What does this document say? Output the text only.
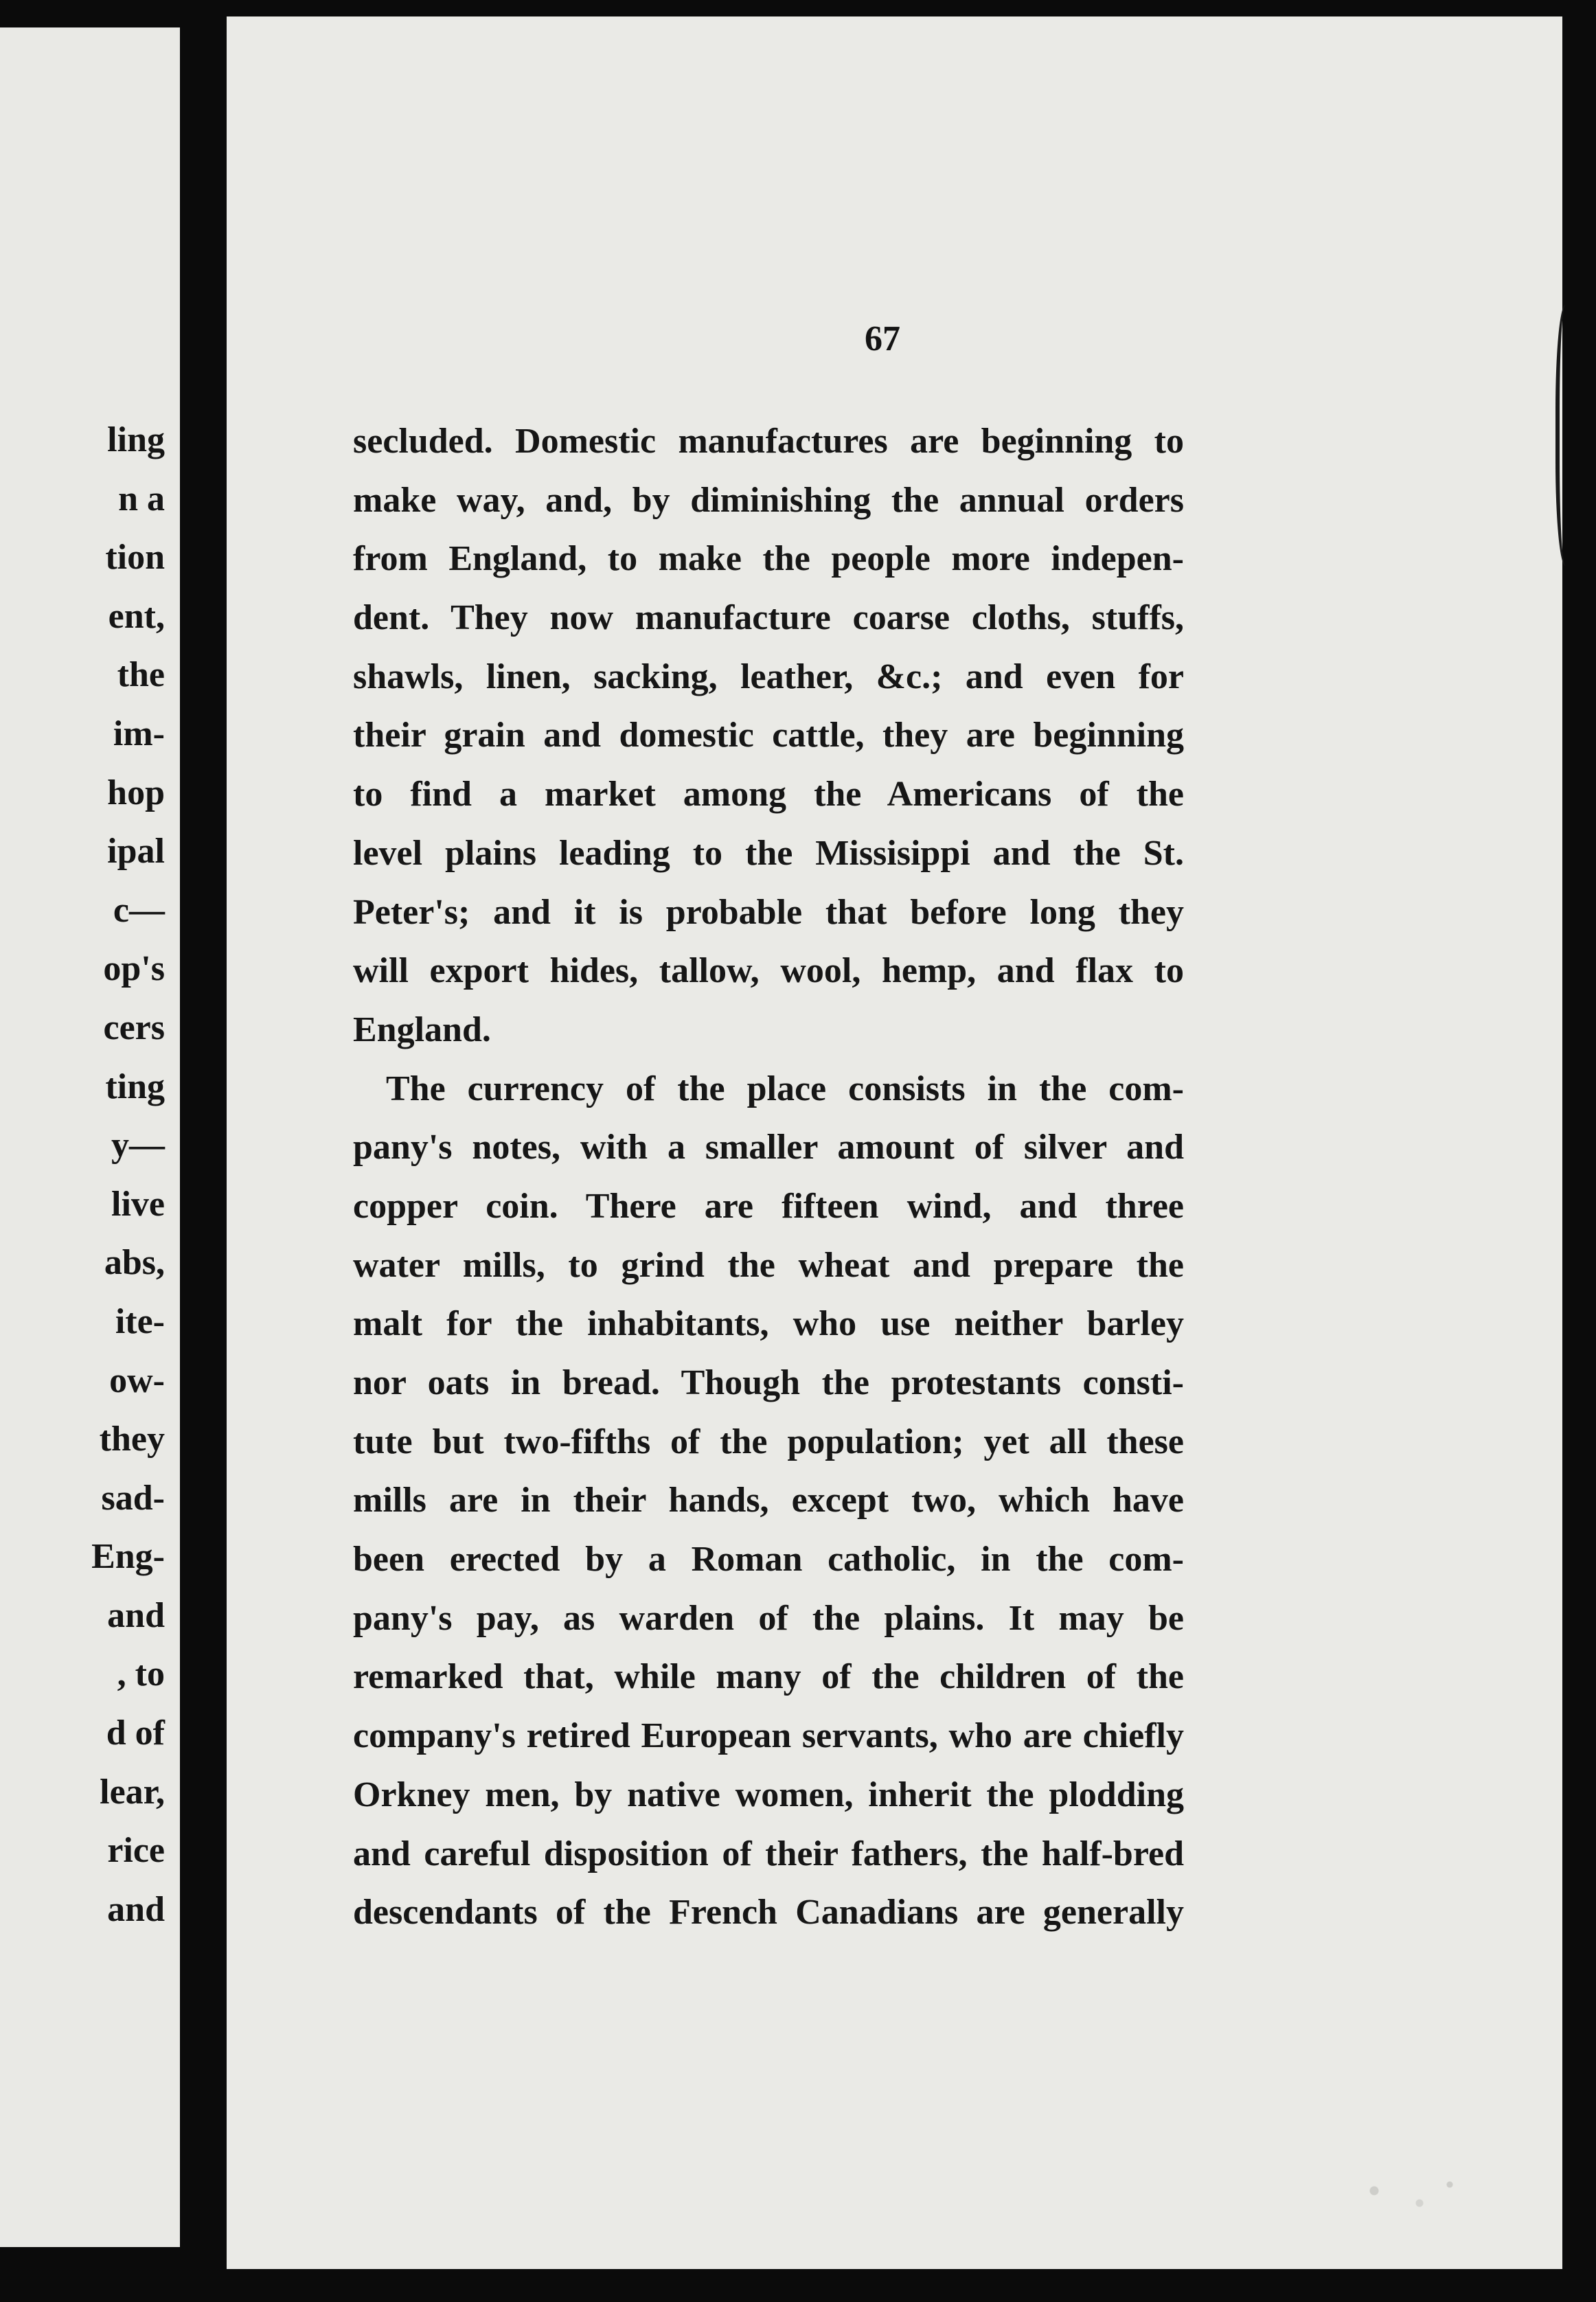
ling
n a
tion
ent,
the
im-
hop
ipal
c—
op's
cers
ting
y—
live
abs,
ite-
ow-
they
sad-
Eng-
and
, to
d of
lear,
rice
and
67
secluded. Domestic manufactures are beginning to
make way, and, by diminishing the annual orders
from England, to make the people more indepen-
dent. They now manufacture coarse cloths, stuffs,
shawls, linen, sacking, leather, &c.; and even for
their grain and domestic cattle, they are beginning
to find a market among the Americans of the
level plains leading to the Missisippi and the St.
Peter's; and it is probable that before long they
will export hides, tallow, wool, hemp, and flax to
England.
The currency of the place consists in the com-
pany's notes, with a smaller amount of silver and
copper coin. There are fifteen wind, and three
water mills, to grind the wheat and prepare the
malt for the inhabitants, who use neither barley
nor oats in bread. Though the protestants consti-
tute but two-fifths of the population; yet all these
mills are in their hands, except two, which have
been erected by a Roman catholic, in the com-
pany's pay, as warden of the plains. It may be
remarked that, while many of the children of the
company's retired European servants, who are chiefly
Orkney men, by native women, inherit the plodding
and careful disposition of their fathers, the half-bred
descendants of the French Canadians are generally
